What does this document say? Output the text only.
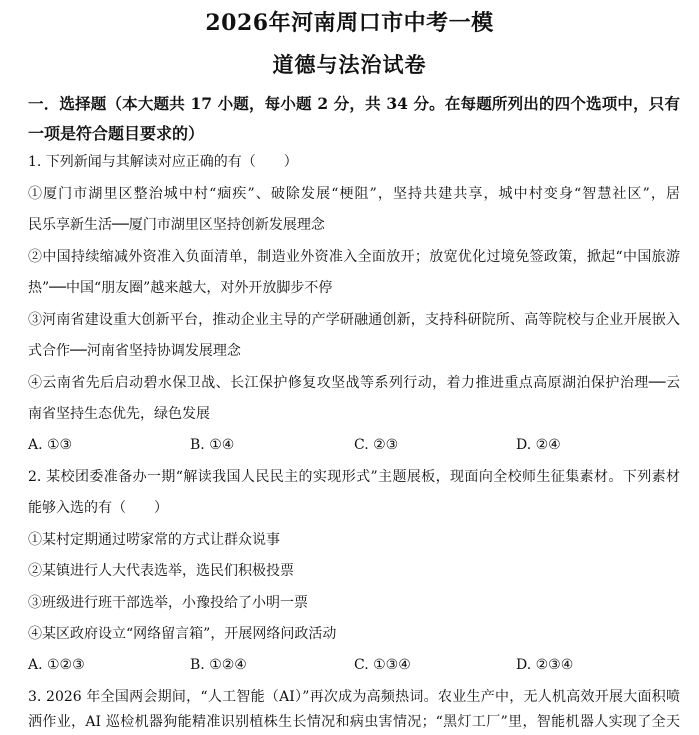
2026年河南周口市中考一模
道德与法治试卷

一．选择题（本大题共 17 小题，每小题 2 分，共 34 分。在每题所列出的四个选项中，只有

一项是符合题目要求的）

1. 下列新闻与其解读对应正确的有（　　）

①厦门市湖里区整治城中村“痼疾”、破除发展“梗阻”，坚持共建共享，城中村变身“智慧社区”，居

民乐享新生活──厦门市湖里区坚持创新发展理念

②中国持续缩减外资准入负面清单，制造业外资准入全面放开；放宽优化过境免签政策，掀起“中国旅游

热”──中国“朋友圈”越来越大，对外开放脚步不停

③河南省建设重大创新平台，推动企业主导的产学研融通创新，支持科研院所、高等院校与企业开展嵌入

式合作──河南省坚持协调发展理念

④云南省先后启动碧水保卫战、长江保护修复攻坚战等系列行动，着力推进重点高原湖泊保护治理──云

南省坚持生态优先，绿色发展

A. ①③	B. ①④	C. ②③	D. ②④

2. 某校团委准备办一期“解读我国人民民主的实现形式”主题展板，现面向全校师生征集素材。下列素材

能够入选的有（　　）

①某村定期通过唠家常的方式让群众说事

②某镇进行人大代表选举，选民们积极投票

③班级进行班干部选举，小豫投给了小明一票

④某区政府设立“网络留言箱”，开展网络问政活动

A. ①②③	B. ①②④	C. ①③④	D. ②③④

3. 2026 年全国两会期间，“人工智能（AI）”再次成为高频热词。农业生产中，无人机高效开展大面积喷

洒作业，AI 巡检机器狗能精准识别植株生长情况和病虫害情况；“黑灯工厂”里，智能机器人实现了全天
